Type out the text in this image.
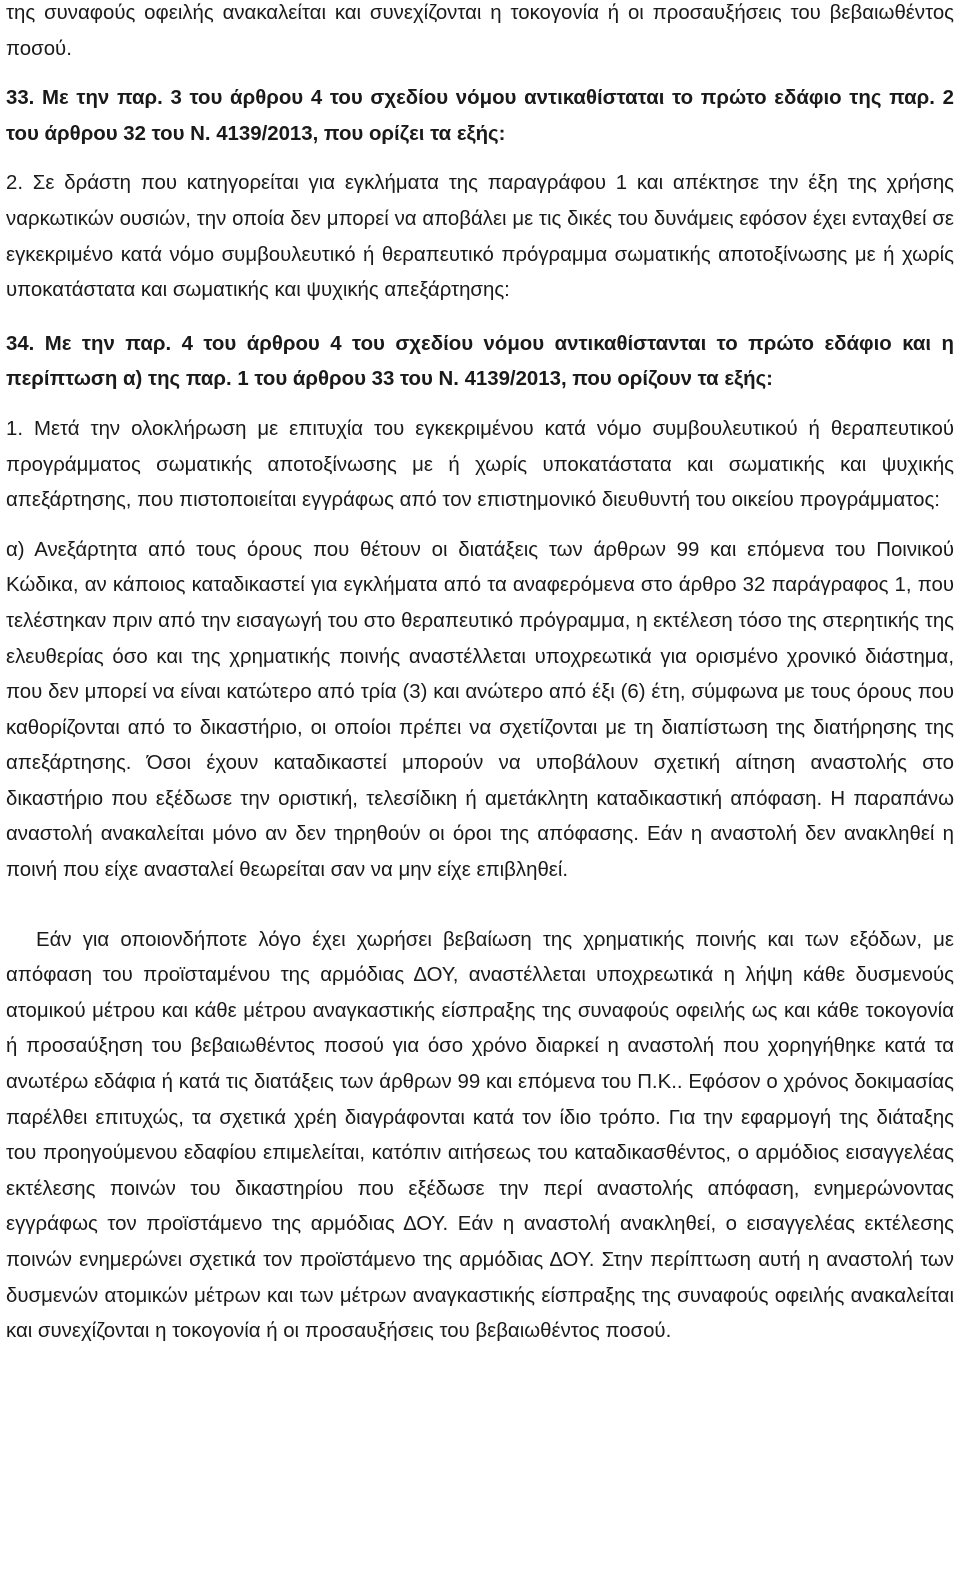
της συναφούς οφειλής ανακαλείται και συνεχίζονται η τοκογονία ή οι προσαυξήσεις του βεβαιωθέντος ποσού.

33. Με την παρ. 3 του άρθρου 4 του σχεδίου νόμου αντικαθίσταται το πρώτο εδάφιο της παρ. 2 του άρθρου 32 του Ν. 4139/2013, που ορίζει τα εξής:

2. Σε δράστη που κατηγορείται για εγκλήματα της παραγράφου 1 και απέκτησε την έξη της χρήσης ναρκωτικών ουσιών, την οποία δεν μπορεί να αποβάλει με τις δικές του δυνάμεις εφόσον έχει ενταχθεί σε εγκεκριμένο κατά νόμο συμβουλευτικό ή θεραπευτικό πρόγραμμα σωματικής αποτοξίνωσης με ή χωρίς υποκατάστατα και σωματικής και ψυχικής απεξάρτησης:

34. Με την παρ. 4 του άρθρου 4 του σχεδίου νόμου αντικαθίστανται το πρώτο εδάφιο και η περίπτωση α) της παρ. 1 του άρθρου 33 του Ν. 4139/2013, που ορίζουν τα εξής:

1. Μετά την ολοκλήρωση με επιτυχία του εγκεκριμένου κατά νόμο συμβουλευτικού ή θεραπευτικού προγράμματος σωματικής αποτοξίνωσης με ή χωρίς υποκατάστατα και σωματικής και ψυχικής απεξάρτησης, που πιστοποιείται εγγράφως από τον επιστημονικό διευθυντή του οικείου προγράμματος:

α) Ανεξάρτητα από τους όρους που θέτουν οι διατάξεις των άρθρων 99 και επόμενα του Ποινικού Κώδικα, αν κάποιος καταδικαστεί για εγκλήματα από τα αναφερόμενα στο άρθρο 32 παράγραφος 1, που τελέστηκαν πριν από την εισαγωγή του στο θεραπευτικό πρόγραμμα, η εκτέλεση τόσο της στερητικής της ελευθερίας όσο και της χρηματικής ποινής αναστέλλεται υποχρεωτικά για ορισμένο χρονικό διάστημα, που δεν μπορεί να είναι κατώτερο από τρία (3) και ανώτερο από έξι (6) έτη, σύμφωνα με τους όρους που καθορίζονται από το δικαστήριο, οι οποίοι πρέπει να σχετίζονται με τη διαπίστωση της διατήρησης της απεξάρτησης. Όσοι έχουν καταδικαστεί μπορούν να υποβάλουν σχετική αίτηση αναστολής στο δικαστήριο που εξέδωσε την οριστική, τελεσίδικη ή αμετάκλητη καταδικαστική απόφαση. Η παραπάνω αναστολή ανακαλείται μόνο αν δεν τηρηθούν οι όροι της απόφασης. Εάν η αναστολή δεν ανακληθεί η ποινή που είχε ανασταλεί θεωρείται σαν να μην είχε επιβληθεί.

Εάν για οποιονδήποτε λόγο έχει χωρήσει βεβαίωση της χρηματικής ποινής και των εξόδων, με απόφαση του προϊσταμένου της αρμόδιας ΔΟΥ, αναστέλλεται υποχρεωτικά η λήψη κάθε δυσμενούς ατομικού μέτρου και κάθε μέτρου αναγκαστικής είσπραξης της συναφούς οφειλής ως και κάθε τοκογονία ή προσαύξηση του βεβαιωθέντος ποσού για όσο χρόνο διαρκεί η αναστολή που χορηγήθηκε κατά τα ανωτέρω εδάφια ή κατά τις διατάξεις των άρθρων 99 και επόμενα του Π.Κ.. Εφόσον ο χρόνος δοκιμασίας παρέλθει επιτυχώς, τα σχετικά χρέη διαγράφονται κατά τον ίδιο τρόπο. Για την εφαρμογή της διάταξης του προηγούμενου εδαφίου επιμελείται, κατόπιν αιτήσεως του καταδικασθέντος, ο αρμόδιος εισαγγελέας εκτέλεσης ποινών του δικαστηρίου που εξέδωσε την περί αναστολής απόφαση, ενημερώνοντας εγγράφως τον προϊστάμενο της αρμόδιας ΔΟΥ. Εάν η αναστολή ανακληθεί, ο εισαγγελέας εκτέλεσης ποινών ενημερώνει σχετικά τον προϊστάμενο της αρμόδιας ΔΟΥ. Στην περίπτωση αυτή η αναστολή των δυσμενών ατομικών μέτρων και των μέτρων αναγκαστικής είσπραξης της συναφούς οφειλής ανακαλείται και συνεχίζονται η τοκογονία ή οι προσαυξήσεις του βεβαιωθέντος ποσού.
